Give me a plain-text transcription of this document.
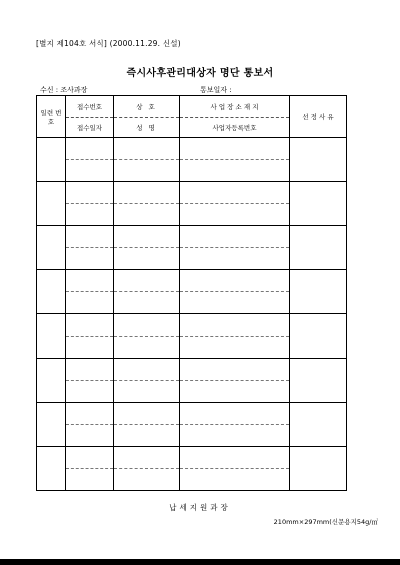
[별지 제104호 서식] (2000.11.29. 신설)
즉시사후관리대상자 명단 통보서
수신 : 조사과장	통보일자 :
일련 번호	접수번호	상 호	사 업 장 소 재 지	선 정 사 유
	접수일자	성 명	사업자등록번호	

납세지원과장
210mm×297mm(신문용지54g/㎡
